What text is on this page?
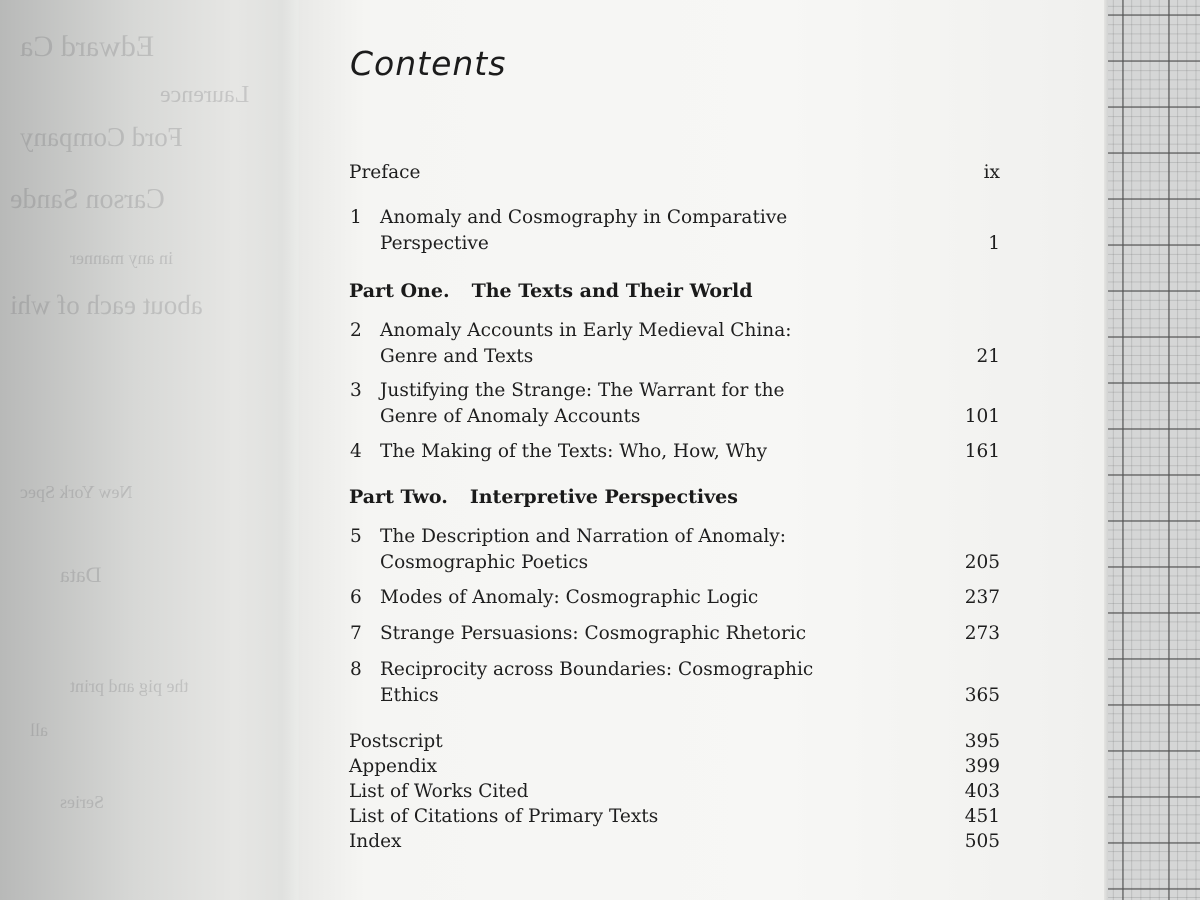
Edward Ca
Laurence
Ford Company
Carson Sande
about each of whi
in any manner
New York Spec
Data
the pig and print
all
Series
Contents
Preface	ix
1 Anomaly and Cosmography in Comparative
Perspective	1
Part One. The Texts and Their World
2 Anomaly Accounts in Early Medieval China:
Genre and Texts	21
3 Justifying the Strange: The Warrant for the
Genre of Anomaly Accounts	101
4 The Making of the Texts: Who, How, Why	161
Part Two. Interpretive Perspectives
5 The Description and Narration of Anomaly:
Cosmographic Poetics	205
6 Modes of Anomaly: Cosmographic Logic	237
7 Strange Persuasions: Cosmographic Rhetoric	273
8 Reciprocity across Boundaries: Cosmographic
Ethics	365
Postscript	395
Appendix	399
List of Works Cited	403
List of Citations of Primary Texts	451
Index	505
